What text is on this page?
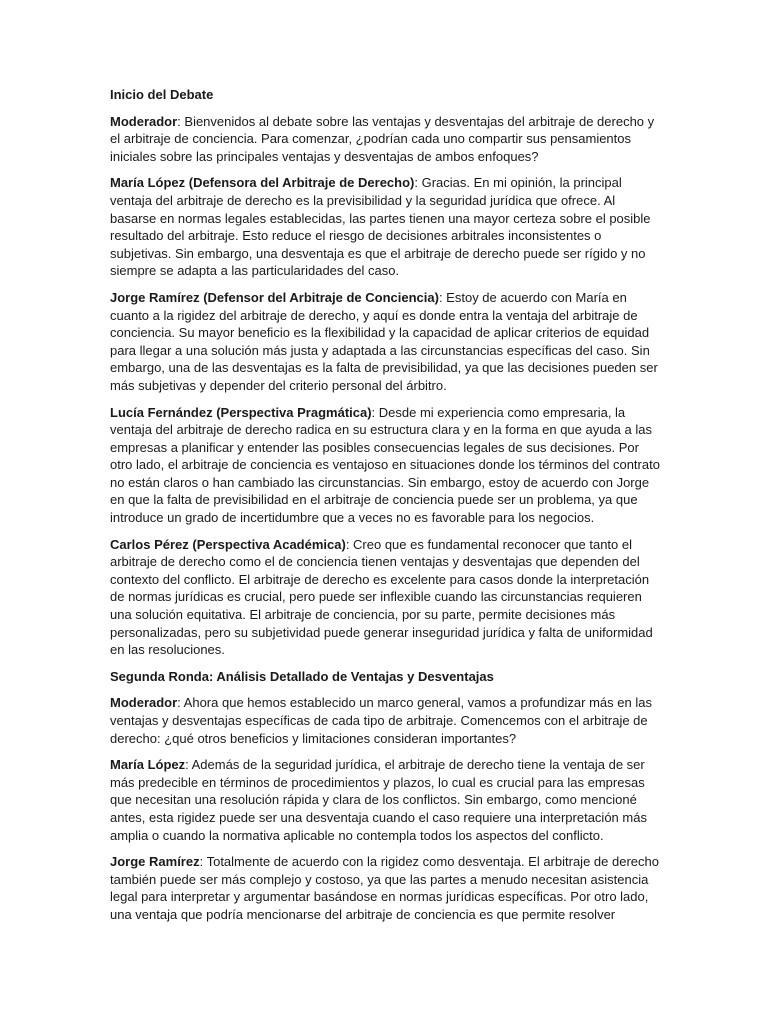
Inicio del Debate
Moderador: Bienvenidos al debate sobre las ventajas y desventajas del arbitraje de derecho y el arbitraje de conciencia. Para comenzar, ¿podrían cada uno compartir sus pensamientos iniciales sobre las principales ventajas y desventajas de ambos enfoques?
María López (Defensora del Arbitraje de Derecho): Gracias. En mi opinión, la principal ventaja del arbitraje de derecho es la previsibilidad y la seguridad jurídica que ofrece. Al basarse en normas legales establecidas, las partes tienen una mayor certeza sobre el posible resultado del arbitraje. Esto reduce el riesgo de decisiones arbitrales inconsistentes o subjetivas. Sin embargo, una desventaja es que el arbitraje de derecho puede ser rígido y no siempre se adapta a las particularidades del caso.
Jorge Ramírez (Defensor del Arbitraje de Conciencia): Estoy de acuerdo con María en cuanto a la rigidez del arbitraje de derecho, y aquí es donde entra la ventaja del arbitraje de conciencia. Su mayor beneficio es la flexibilidad y la capacidad de aplicar criterios de equidad para llegar a una solución más justa y adaptada a las circunstancias específicas del caso. Sin embargo, una de las desventajas es la falta de previsibilidad, ya que las decisiones pueden ser más subjetivas y depender del criterio personal del árbitro.
Lucía Fernández (Perspectiva Pragmática): Desde mi experiencia como empresaria, la ventaja del arbitraje de derecho radica en su estructura clara y en la forma en que ayuda a las empresas a planificar y entender las posibles consecuencias legales de sus decisiones. Por otro lado, el arbitraje de conciencia es ventajoso en situaciones donde los términos del contrato no están claros o han cambiado las circunstancias. Sin embargo, estoy de acuerdo con Jorge en que la falta de previsibilidad en el arbitraje de conciencia puede ser un problema, ya que introduce un grado de incertidumbre que a veces no es favorable para los negocios.
Carlos Pérez (Perspectiva Académica): Creo que es fundamental reconocer que tanto el arbitraje de derecho como el de conciencia tienen ventajas y desventajas que dependen del contexto del conflicto. El arbitraje de derecho es excelente para casos donde la interpretación de normas jurídicas es crucial, pero puede ser inflexible cuando las circunstancias requieren una solución equitativa. El arbitraje de conciencia, por su parte, permite decisiones más personalizadas, pero su subjetividad puede generar inseguridad jurídica y falta de uniformidad en las resoluciones.
Segunda Ronda: Análisis Detallado de Ventajas y Desventajas
Moderador: Ahora que hemos establecido un marco general, vamos a profundizar más en las ventajas y desventajas específicas de cada tipo de arbitraje. Comencemos con el arbitraje de derecho: ¿qué otros beneficios y limitaciones consideran importantes?
María López: Además de la seguridad jurídica, el arbitraje de derecho tiene la ventaja de ser más predecible en términos de procedimientos y plazos, lo cual es crucial para las empresas que necesitan una resolución rápida y clara de los conflictos. Sin embargo, como mencioné antes, esta rigidez puede ser una desventaja cuando el caso requiere una interpretación más amplia o cuando la normativa aplicable no contempla todos los aspectos del conflicto.
Jorge Ramírez: Totalmente de acuerdo con la rigidez como desventaja. El arbitraje de derecho también puede ser más complejo y costoso, ya que las partes a menudo necesitan asistencia legal para interpretar y argumentar basándose en normas jurídicas específicas. Por otro lado, una ventaja que podría mencionarse del arbitraje de conciencia es que permite resolver
